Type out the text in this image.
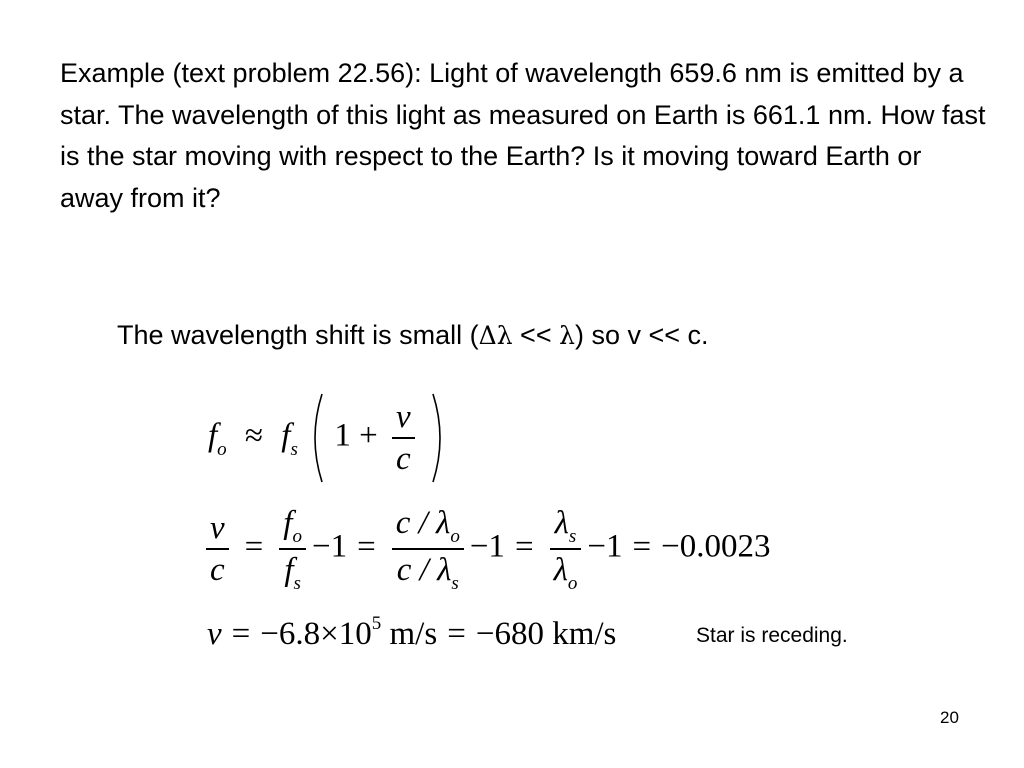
Example (text problem 22.56): Light of wavelength 659.6 nm is emitted by a star. The wavelength of this light as measured on Earth is 661.1 nm. How fast is the star moving with respect to the Earth? Is it moving toward Earth or away from it?
The wavelength shift is small (Δλ << λ) so v << c.
$f_o \approx f_s$ $1 + \frac{v}{c}$

$\frac{v}{c} = \frac{f_o}{f_s} -1 = \frac{c / \lambda_o}{c / \lambda_s} -1 = \frac{\lambda_s}{\lambda_o} -1 = -0.0023$
$v = -6.8\times 10^5$ m/s = −680 km/s	Star is receding.
20
